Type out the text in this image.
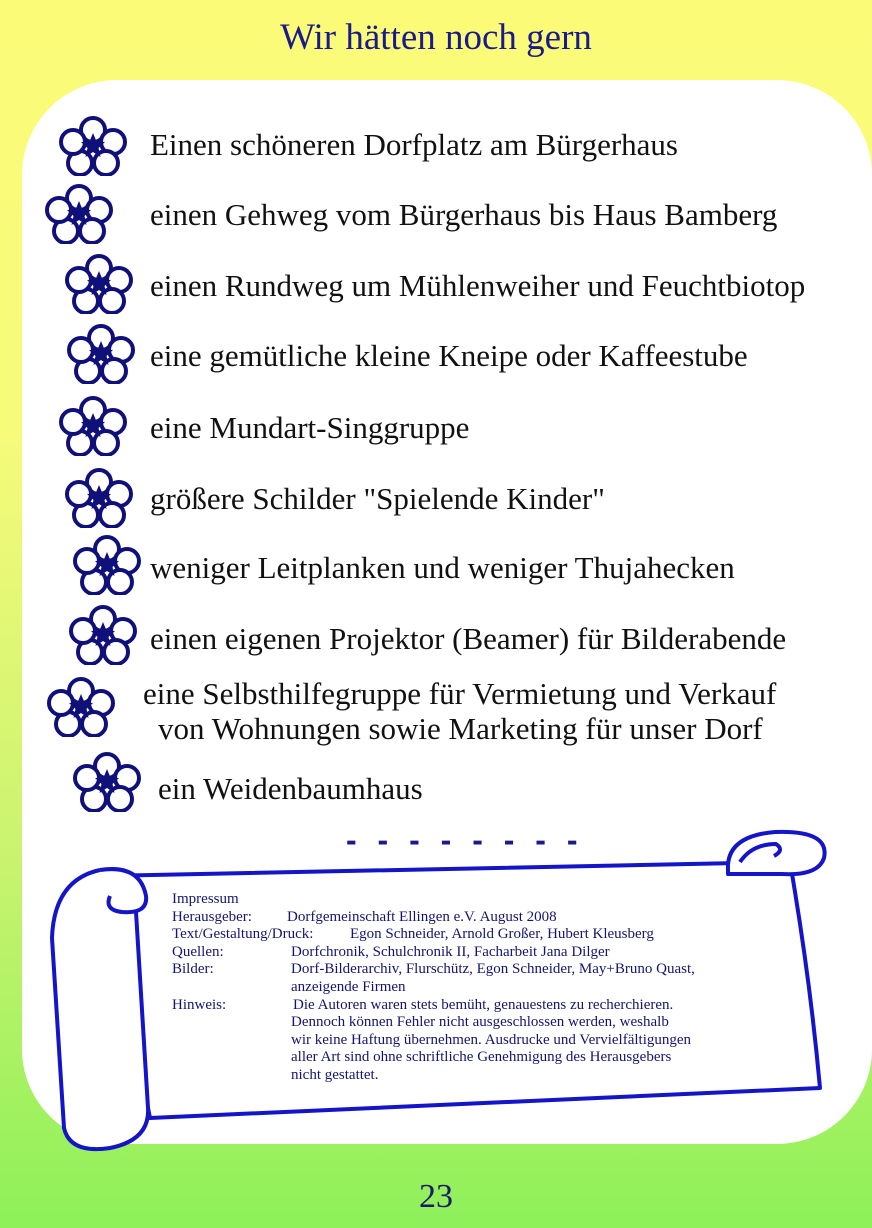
Wir hätten noch gern
Einen schöneren Dorfplatz am Bürgerhaus
einen Gehweg vom Bürgerhaus bis Haus Bamberg
einen Rundweg um Mühlenweiher und Feuchtbiotop
eine gemütliche kleine Kneipe oder Kaffeestube
eine Mundart-Singgruppe
größere Schilder "Spielende Kinder"
weniger Leitplanken und weniger Thujahecken
einen eigenen Projektor (Beamer) für Bilderabende
eine Selbsthilfegruppe für Vermietung und Verkauf
von Wohnungen sowie Marketing für unser Dorf
ein Weidenbaumhaus
- - - - - - - -
Impressum
Herausgeber: Dorfgemeinschaft Ellingen e.V. August 2008
Text/Gestaltung/Druck: Egon Schneider, Arnold Großer, Hubert Kleusberg
Quellen:	Dorfchronik, Schulchronik II, Facharbeit Jana Dilger
Bilder:	Dorf-Bilderarchiv, Flurschütz, Egon Schneider, May+Bruno Quast,
anzeigende Firmen
Hinweis:	Die Autoren waren stets bemüht, genauestens zu recherchieren.
Dennoch können Fehler nicht ausgeschlossen werden, weshalb
wir keine Haftung übernehmen. Ausdrucke und Vervielfältigungen
aller Art sind ohne schriftliche Genehmigung des Herausgebers
nicht gestattet.
23
